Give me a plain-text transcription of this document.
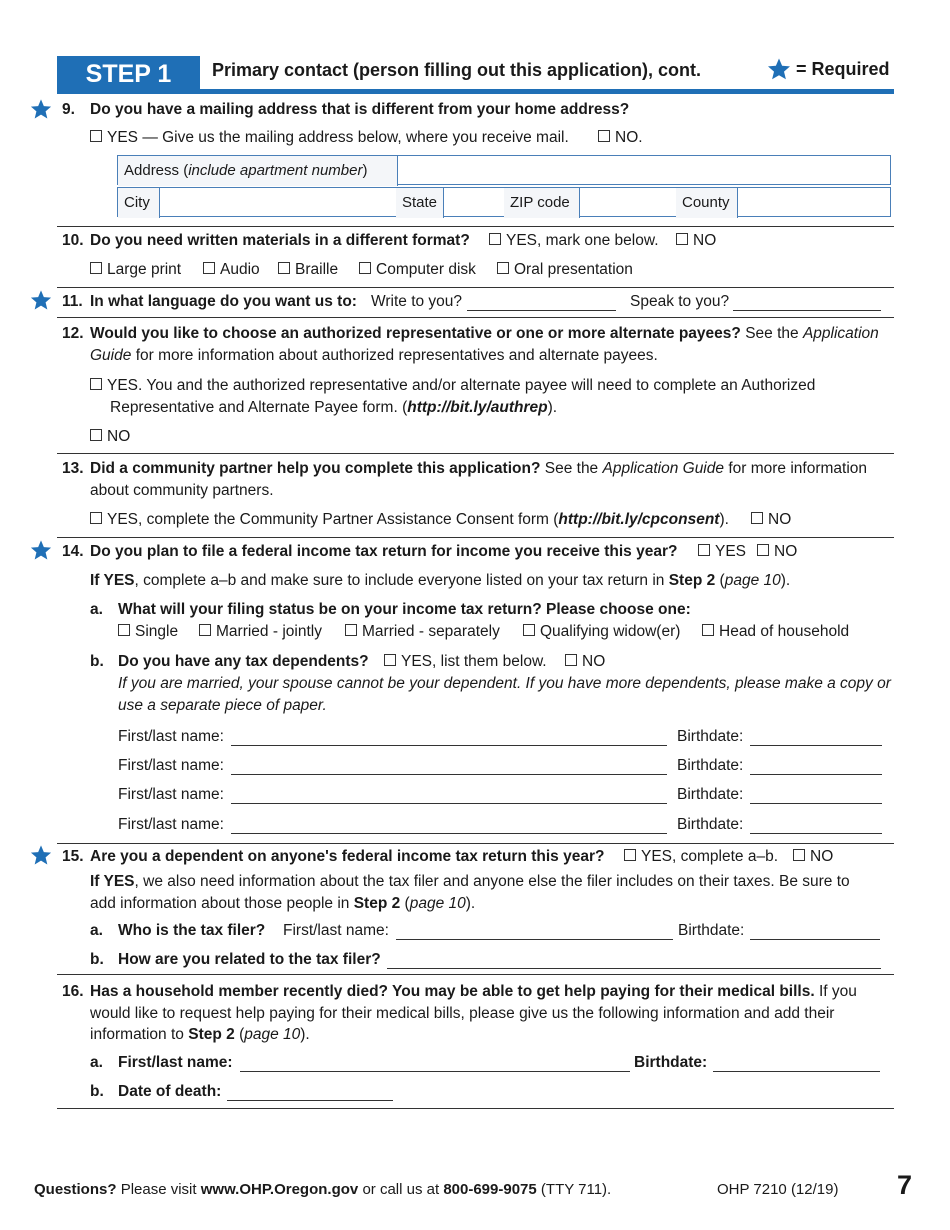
STEP 1	Primary contact (person filling out this application), cont.	= Required
9. Do you have a mailing address that is different from your home address?
YES — Give us the mailing address below, where you receive mail.	NO.
Address (include apartment number)
City	State	ZIP code	County
10. Do you need written materials in a different format?	YES, mark one below.	NO
Large print	Audio	Braille	Computer disk	Oral presentation
11. In what language do you want us to: Write to you?	Speak to you?
12. Would you like to choose an authorized representative or one or more alternate payees? See the Application
Guide for more information about authorized representatives and alternate payees.
YES. You and the authorized representative and/or alternate payee will need to complete an Authorized
Representative and Alternate Payee form. (http://bit.ly/authrep).
NO
13. Did a community partner help you complete this application? See the Application Guide for more information
about community partners.
YES, complete the Community Partner Assistance Consent form (http://bit.ly/cpconsent).	NO
14. Do you plan to file a federal income tax return for income you receive this year?	YES	NO
If YES, complete a–b and make sure to include everyone listed on your tax return in Step 2 (page 10).
a. What will your filing status be on your income tax return? Please choose one:
Single	Married - jointly	Married - separately	Qualifying widow(er)	Head of household
b. Do you have any tax dependents?	YES, list them below.	NO
If you are married, your spouse cannot be your dependent. If you have more dependents, please make a copy or
use a separate piece of paper.
First/last name:	Birthdate:
First/last name:	Birthdate:
First/last name:	Birthdate:
First/last name:	Birthdate:
15. Are you a dependent on anyone's federal income tax return this year?	YES, complete a–b.	NO
If YES, we also need information about the tax filer and anyone else the filer includes on their taxes. Be sure to
add information about those people in Step 2 (page 10).
a. Who is the tax filer? First/last name:	Birthdate:
b. How are you related to the tax filer?
16. Has a household member recently died? You may be able to get help paying for their medical bills. If you
would like to request help paying for their medical bills, please give us the following information and add their
information to Step 2 (page 10).
a. First/last name:	Birthdate:
b. Date of death:
Questions? Please visit www.OHP.Oregon.gov or call us at 800-699-9075 (TTY 711).	OHP 7210 (12/19) 7
